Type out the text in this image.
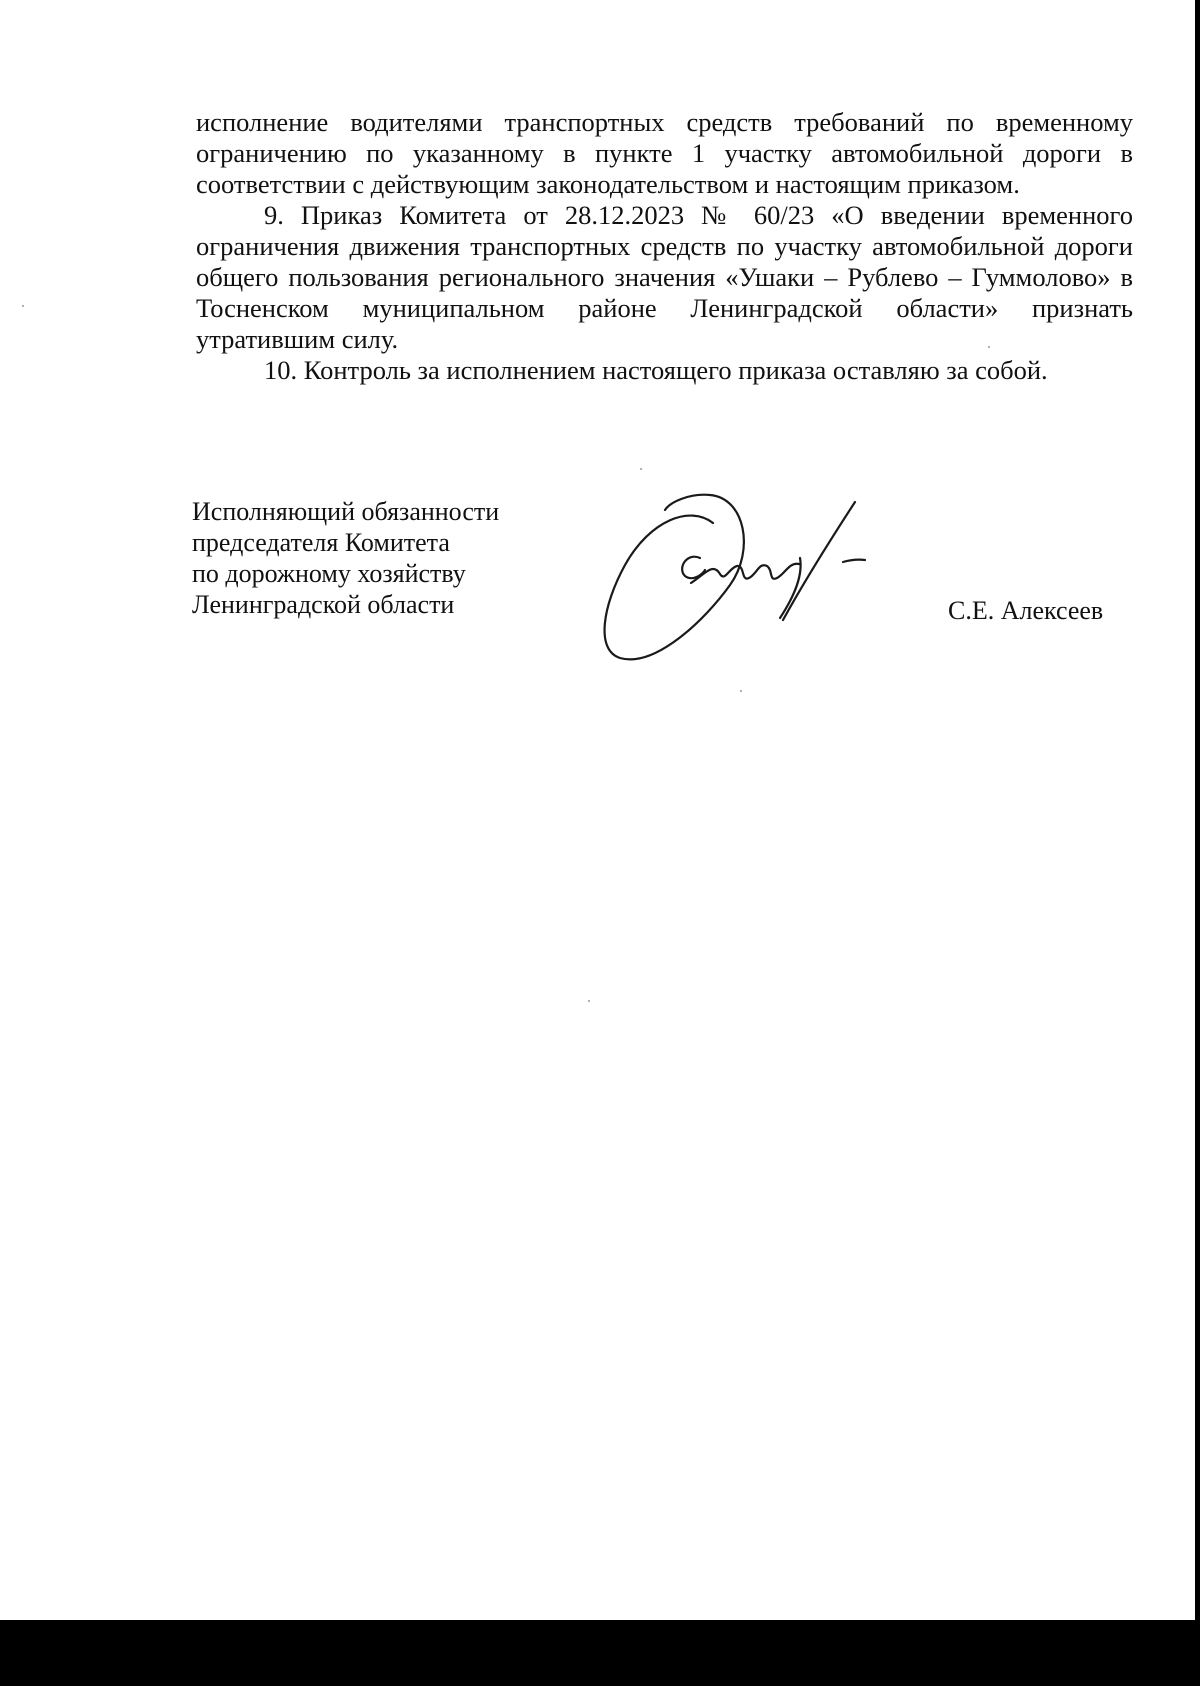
исполнение водителями транспортных средств требований по временному ограничению по указанному в пункте 1 участку автомобильной дороги в соответствии с действующим законодательством и настоящим приказом.

9. Приказ Комитета от 28.12.2023 № 60/23 «О введении временного ограничения движения транспортных средств по участку автомобильной дороги общего пользования регионального значения «Ушаки – Рублево – Гуммолово» в Тосненском муниципальном районе Ленинградской области» признать утратившим силу.

10. Контроль за исполнением настоящего приказа оставляю за собой.

Исполняющий обязанности
председателя Комитета
по дорожному хозяйству
Ленинградской области	С.Е. Алексеев
